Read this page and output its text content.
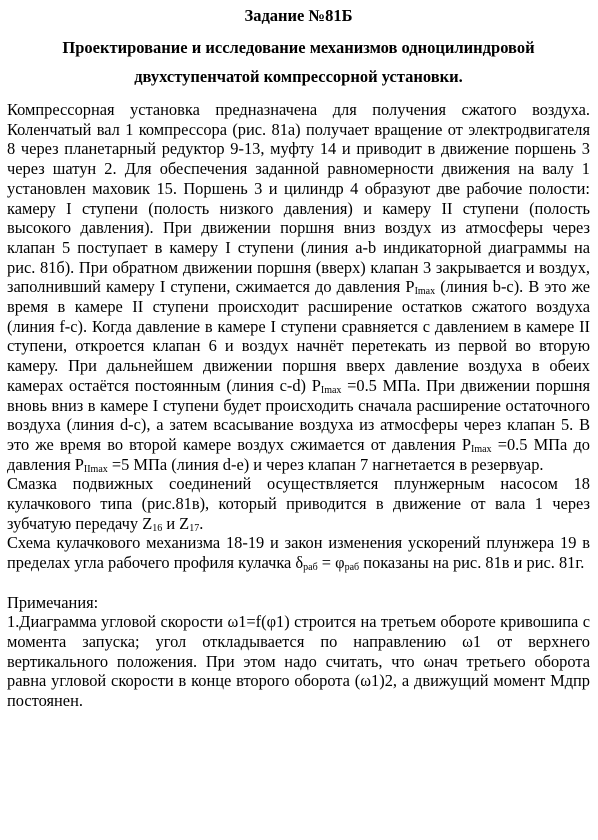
Задание №81Б
Проектирование и исследование механизмов одноцилиндровой
двухступенчатой компрессорной установки.

Компрессорная установка предназначена для получения сжатого воздуха. Коленчатый вал 1 компрессора (рис. 81а) получает вращение от электродвигателя 8 через планетарный редуктор 9-13, муфту 14 и приводит в движение поршень 3 через шатун 2. Для обеспечения заданной равномерности движения на валу 1 установлен маховик 15. Поршень 3 и цилиндр 4 образуют две рабочие полости: камеру I ступени (полость низкого давления) и камеру II ступени (полость высокого давления). При движении поршня вниз воздух из атмосферы через клапан 5 поступает в камеру I ступени (линия a-b индикаторной диаграммы на рис. 81б). При обратном движении поршня (вверх) клапан 3 закрывается и воздух, заполнивший камеру I ступени, сжимается до давления $P_{Imax}$ (линия b-c). В это же время в камере II ступени происходит расширение остатков сжатого воздуха (линия f-c). Когда давление в камере I ступени сравняется с давлением в камере II ступени, откроется клапан 6 и воздух начнёт перетекать из первой во вторую камеру. При дальнейшем движении поршня вверх давление воздуха в обеих камерах остаётся постоянным (линия c-d) $P_{Imax} =0.5$ МПа. При движении поршня вновь вниз в камере I ступени будет происходить сначала расширение остаточного воздуха (линия d-c), а затем всасывание воздуха из атмосферы через клапан 5. В это же время во второй камере воздух сжимается от давления $P_{Imax} =0.5$ МПа до давления $P_{IImax} =5$ МПа (линия d-e) и через клапан 7 нагнетается в резервуар.

Смазка подвижных соединений осуществляется плунжерным насосом 18 кулачкового типа (рис.81в), который приводится в движение от вала 1 через зубчатую передачу $Z_{16}$ и $Z_{17}$.

Схема кулачкового механизма 18-19 и закон изменения ускорений плунжера 19 в пределах угла рабочего профиля кулачка $\delta_{раб} = \varphi_{раб}$ показаны на рис. 81в и рис. 81г.

Примечания:

1.Диаграмма угловой скорости ω1=f(φ1) строится на третьем обороте кривошипа с момента запуска; угол откладывается по направлению ω1 от верхнего вертикального положения. При этом надо считать, что ωнач третьего оборота равна угловой скорости в конце второго оборота (ω1)2, а движущий момент Мдпр постоянен.
